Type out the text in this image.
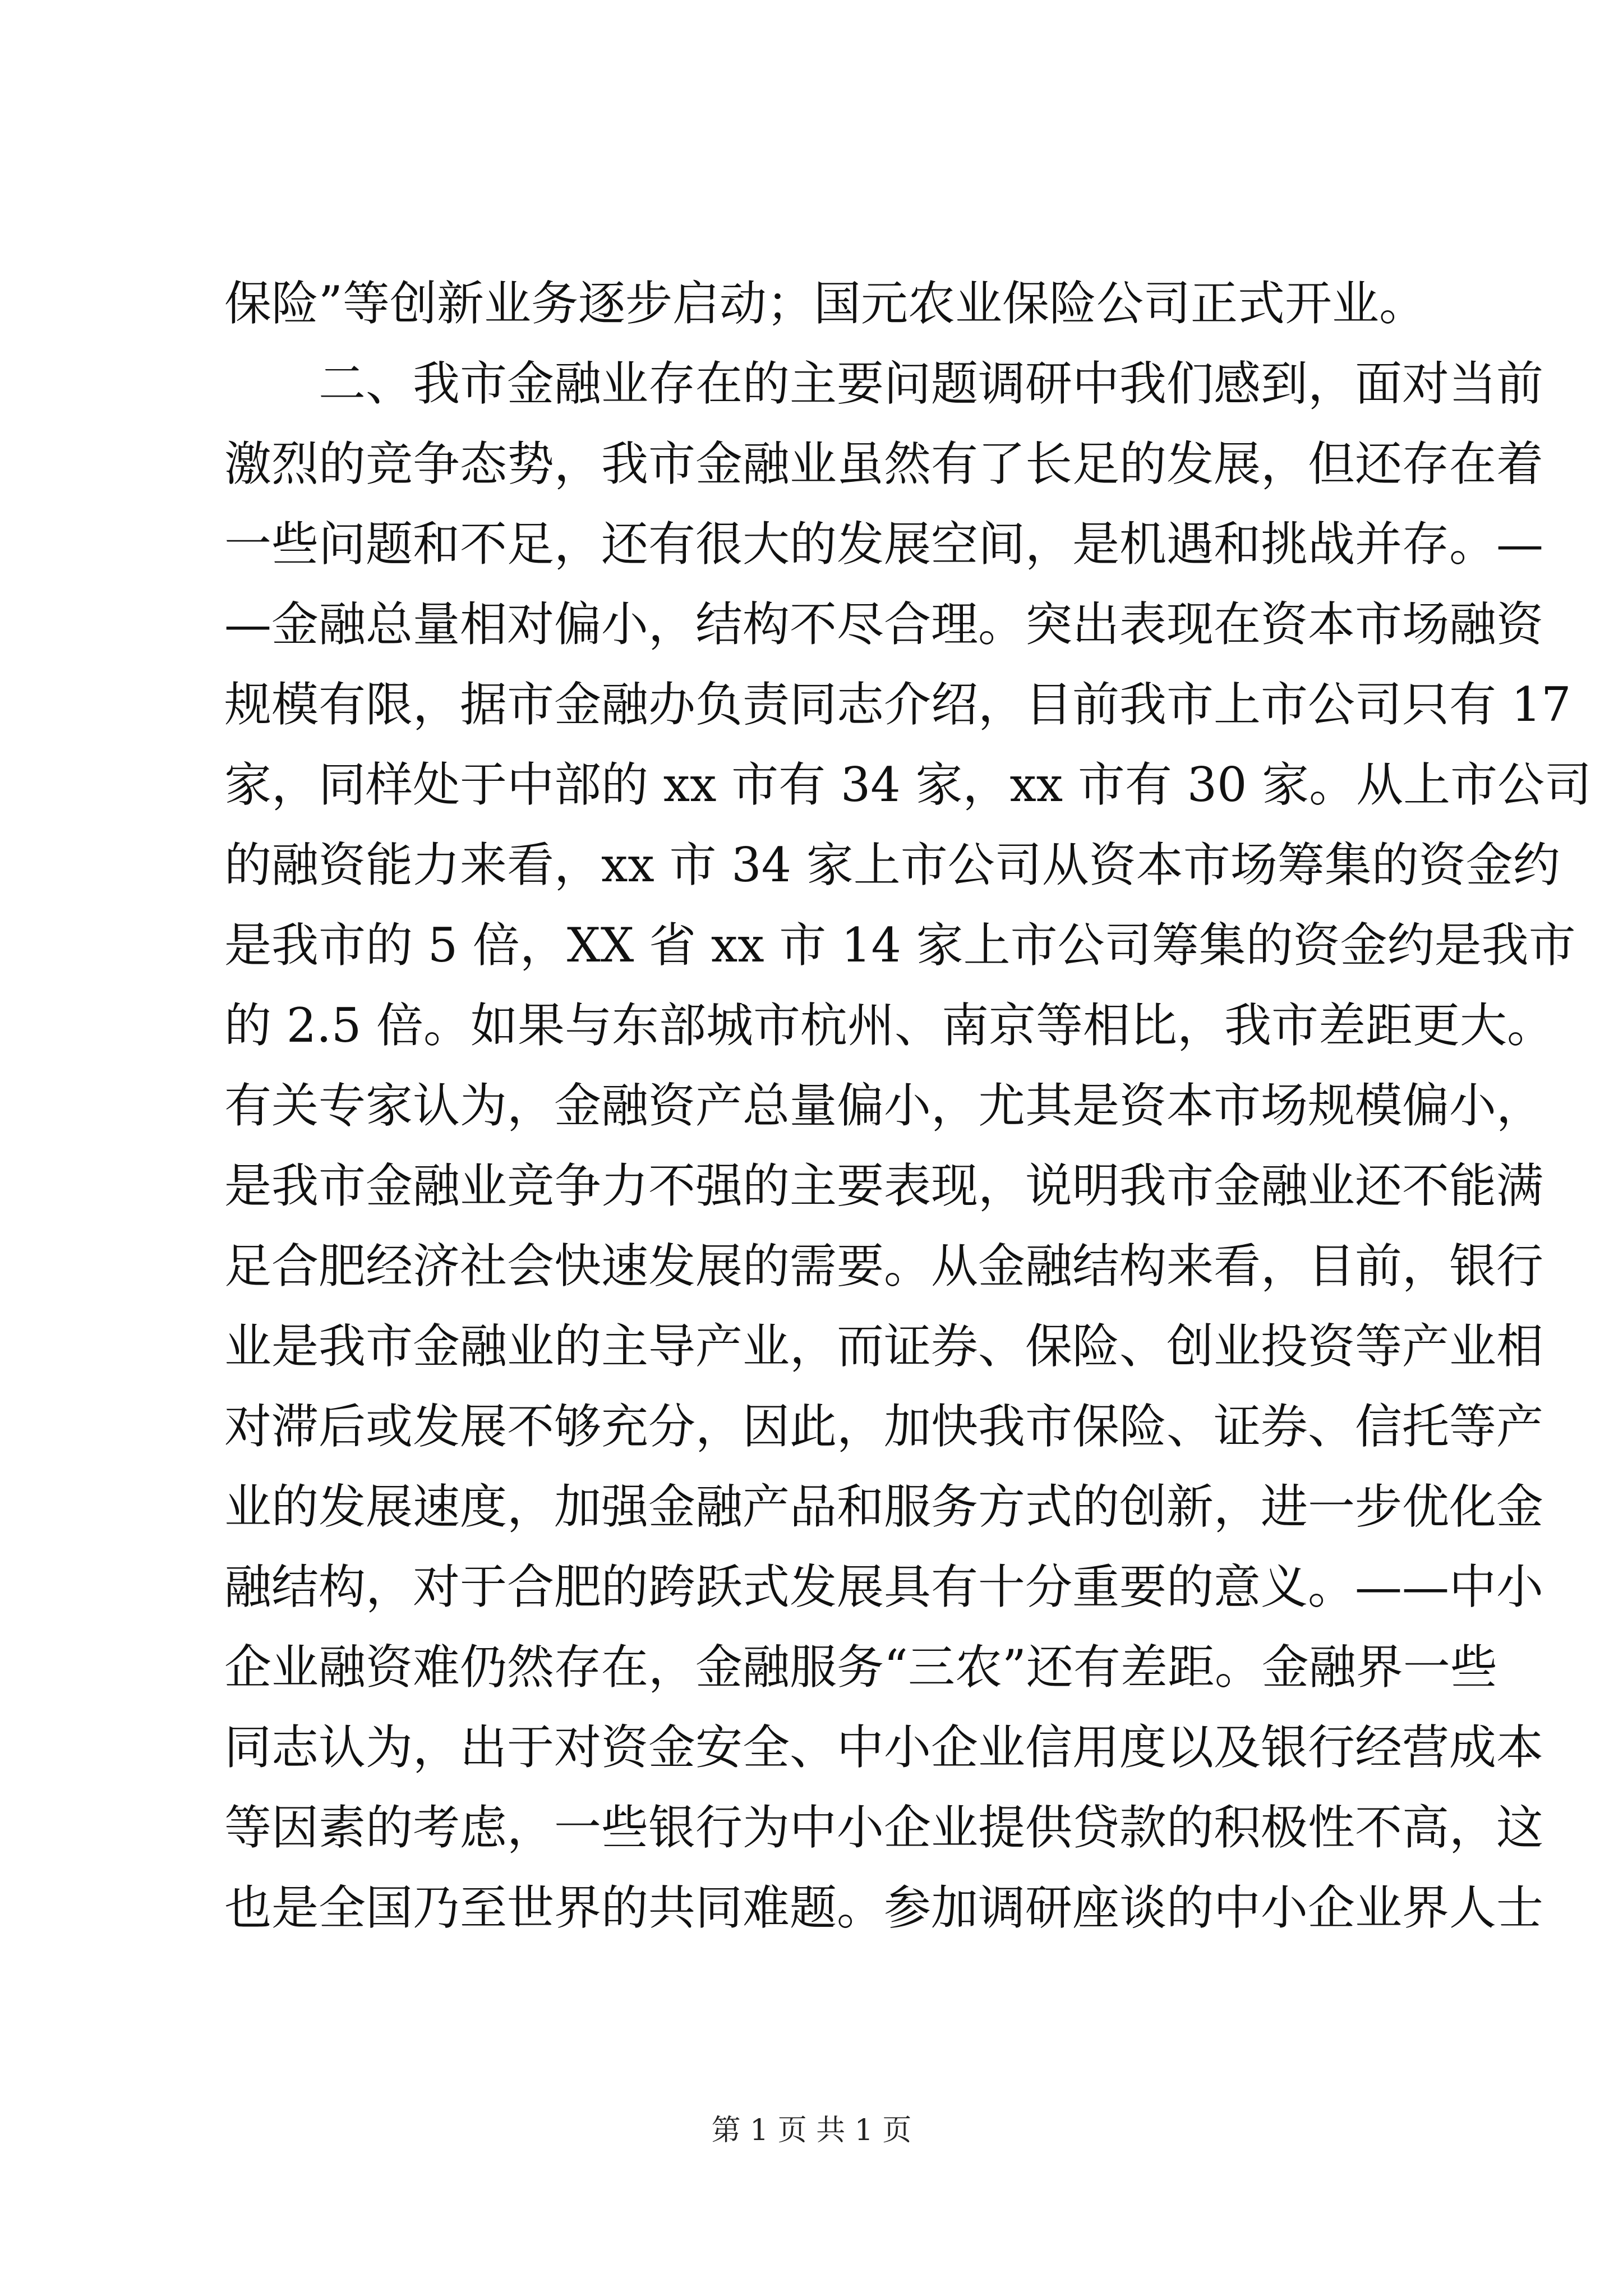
保险”等创新业务逐步启动；国元农业保险公司正式开业。
二、我市金融业存在的主要问题调研中我们感到，面对当前
激烈的竞争态势，我市金融业虽然有了长足的发展，但还存在着
一些问题和不足，还有很大的发展空间，是机遇和挑战并存。—
—金融总量相对偏小，结构不尽合理。突出表现在资本市场融资
规模有限，据市金融办负责同志介绍，目前我市上市公司只有 17
家，同样处于中部的 xx 市有 34 家，xx 市有 30 家。从上市公司
的融资能力来看，xx 市 34 家上市公司从资本市场筹集的资金约
是我市的 5 倍，XX 省 xx 市 14 家上市公司筹集的资金约是我市
的 2.5 倍。如果与东部城市杭州、南京等相比，我市差距更大。
有关专家认为，金融资产总量偏小，尤其是资本市场规模偏小，
是我市金融业竞争力不强的主要表现，说明我市金融业还不能满
足合肥经济社会快速发展的需要。从金融结构来看，目前，银行
业是我市金融业的主导产业，而证券、保险、创业投资等产业相
对滞后或发展不够充分，因此，加快我市保险、证券、信托等产
业的发展速度，加强金融产品和服务方式的创新，进一步优化金
融结构，对于合肥的跨跃式发展具有十分重要的意义。——中小
企业融资难仍然存在，金融服务“三农”还有差距。金融界一些
同志认为，出于对资金安全、中小企业信用度以及银行经营成本
等因素的考虑，一些银行为中小企业提供贷款的积极性不高，这
也是全国乃至世界的共同难题。参加调研座谈的中小企业界人士
第 1 页 共 1 页
